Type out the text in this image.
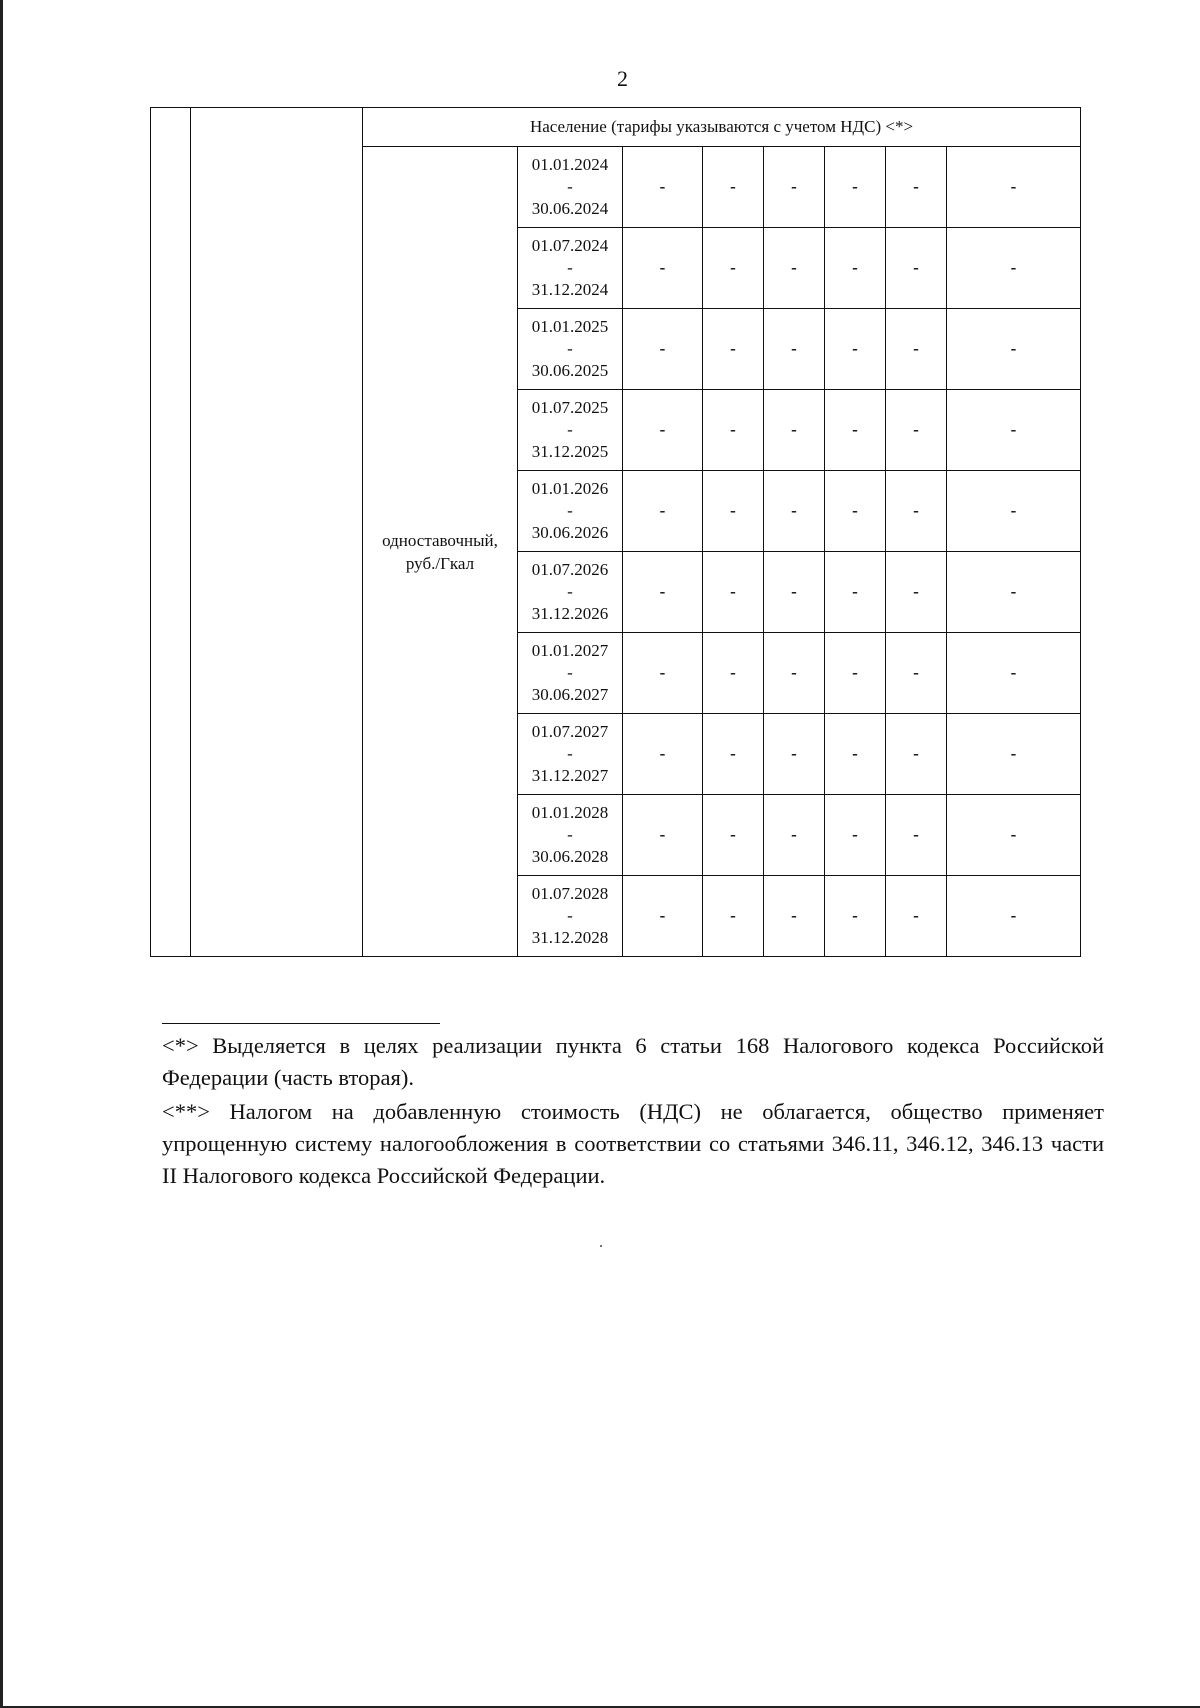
2
		Население (тарифы указываются с учетом НДС) <*>							

		одноставочный,
руб./Гкал	01.01.2024
-
30.06.2024	-	-	-	-	-	-

			01.07.2024
-
31.12.2024	-	-	-	-	-	-

			01.01.2025
-
30.06.2025	-	-	-	-	-	-

			01.07.2025
-
31.12.2025	-	-	-	-	-	-

			01.01.2026
-
30.06.2026	-	-	-	-	-	-

			01.07.2026
-
31.12.2026	-	-	-	-	-	-

			01.01.2027
-
30.06.2027	-	-	-	-	-	-

			01.07.2027
-
31.12.2027	-	-	-	-	-	-

			01.01.2028
-
30.06.2028	-	-	-	-	-	-

			01.07.2028
-
31.12.2028	-	-	-	-	-	-

<*> Выделяется в целях реализации пункта 6 статьи 168 Налогового кодекса Российской Федерации (часть вторая).

<**> Налогом на добавленную стоимость (НДС) не облагается, общество применяет упрощенную систему налогообложения в соответствии со статьями 346.11, 346.12, 346.13 части II Налогового кодекса Российской Федерации.
